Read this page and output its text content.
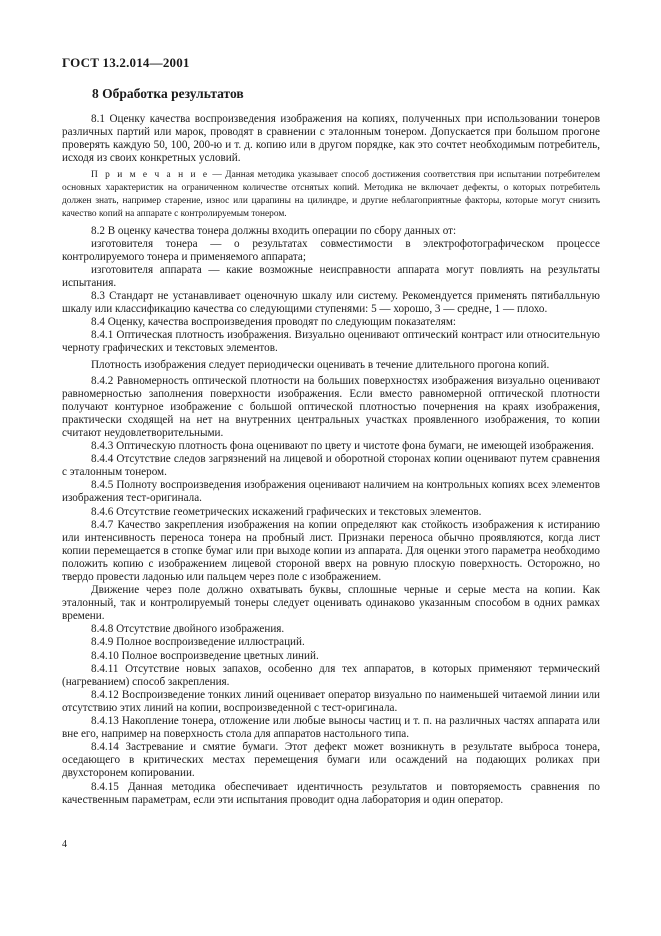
ГОСТ 13.2.014—2001
8 Обработка результатов

8.1 Оценку качества воспроизведения изображения на копиях, полученных при использовании тонеров различных партий или марок, проводят в сравнении с эталонным тонером. Допускается при большом прогоне проверять каждую 50, 100, 200-ю и т. д. копию или в другом порядке, как это сочтет необходимым потребитель, исходя из своих конкретных условий.

П р и м е ч а н и е — Данная методика указывает способ достижения соответствия при испытании потребителем основных характеристик на ограниченном количестве отснятых копий. Методика не включает дефекты, о которых потребитель должен знать, например старение, износ или царапины на цилиндре, и другие неблагоприятные факторы, которые могут снизить качество копий на аппарате с контролируемым тонером.

8.2 В оценку качества тонера должны входить операции по сбору данных от:

изготовителя тонера — о результатах совместимости в электрофотографическом процессе контролируемого тонера и применяемого аппарата;

изготовителя аппарата — какие возможные неисправности аппарата могут повлиять на результаты испытания.

8.3 Стандарт не устанавливает оценочную шкалу или систему. Рекомендуется применять пятибалльную шкалу или классификацию качества со следующими ступенями: 5 — хорошо, 3 — средне, 1 — плохо.

8.4 Оценку, качества воспроизведения проводят по следующим показателям:

8.4.1 Оптическая плотность изображения. Визуально оценивают оптический контраст или относительную черноту графических и текстовых элементов.

Плотность изображения следует периодически оценивать в течение длительного прогона копий.

8.4.2 Равномерность оптической плотности на больших поверхностях изображения визуально оценивают равномерностью заполнения поверхности изображения. Если вместо равномерной оптической плотности получают контурное изображение с большой оптической плотностью почернения на краях изображения, практически сходящей на нет на внутренних центральных участках проявленного изображения, то копии считают неудовлетворительными.

8.4.3 Оптическую плотность фона оценивают по цвету и чистоте фона бумаги, не имеющей изображения.

8.4.4 Отсутствие следов загрязнений на лицевой и оборотной сторонах копии оценивают путем сравнения с эталонным тонером.

8.4.5 Полноту воспроизведения изображения оценивают наличием на контрольных копиях всех элементов изображения тест-оригинала.

8.4.6 Отсутствие геометрических искажений графических и текстовых элементов.

8.4.7 Качество закрепления изображения на копии определяют как стойкость изображения к истиранию или интенсивность переноса тонера на пробный лист. Признаки переноса обычно проявляются, когда лист копии перемещается в стопке бумаг или при выходе копии из аппарата. Для оценки этого параметра необходимо положить копию с изображением лицевой стороной вверх на ровную плоскую поверхность. Осторожно, но твердо провести ладонью или пальцем через поле с изображением.

Движение через поле должно охватывать буквы, сплошные черные и серые места на копии. Как эталонный, так и контролируемый тонеры следует оценивать одинаково указанным способом в одних рамках времени.

8.4.8 Отсутствие двойного изображения.

8.4.9 Полное воспроизведение иллюстраций.

8.4.10 Полное воспроизведение цветных линий.

8.4.11 Отсутствие новых запахов, особенно для тех аппаратов, в которых применяют термический (нагреванием) способ закрепления.

8.4.12 Воспроизведение тонких линий оценивает оператор визуально по наименьшей читаемой линии или отсутствию этих линий на копии, воспроизведенной с тест-оригинала.

8.4.13 Накопление тонера, отложение или любые выносы частиц и т. п. на различных частях аппарата или вне его, например на поверхность стола для аппаратов настольного типа.

8.4.14 Застревание и смятие бумаги. Этот дефект может возникнуть в результате выброса тонера, оседающего в критических местах перемещения бумаги или осаждений на подающих роликах при двухсторонем копировании.

8.4.15 Данная методика обеспечивает идентичность результатов и повторяемость сравнения по качественным параметрам, если эти испытания проводит одна лаборатория и один оператор.

4
